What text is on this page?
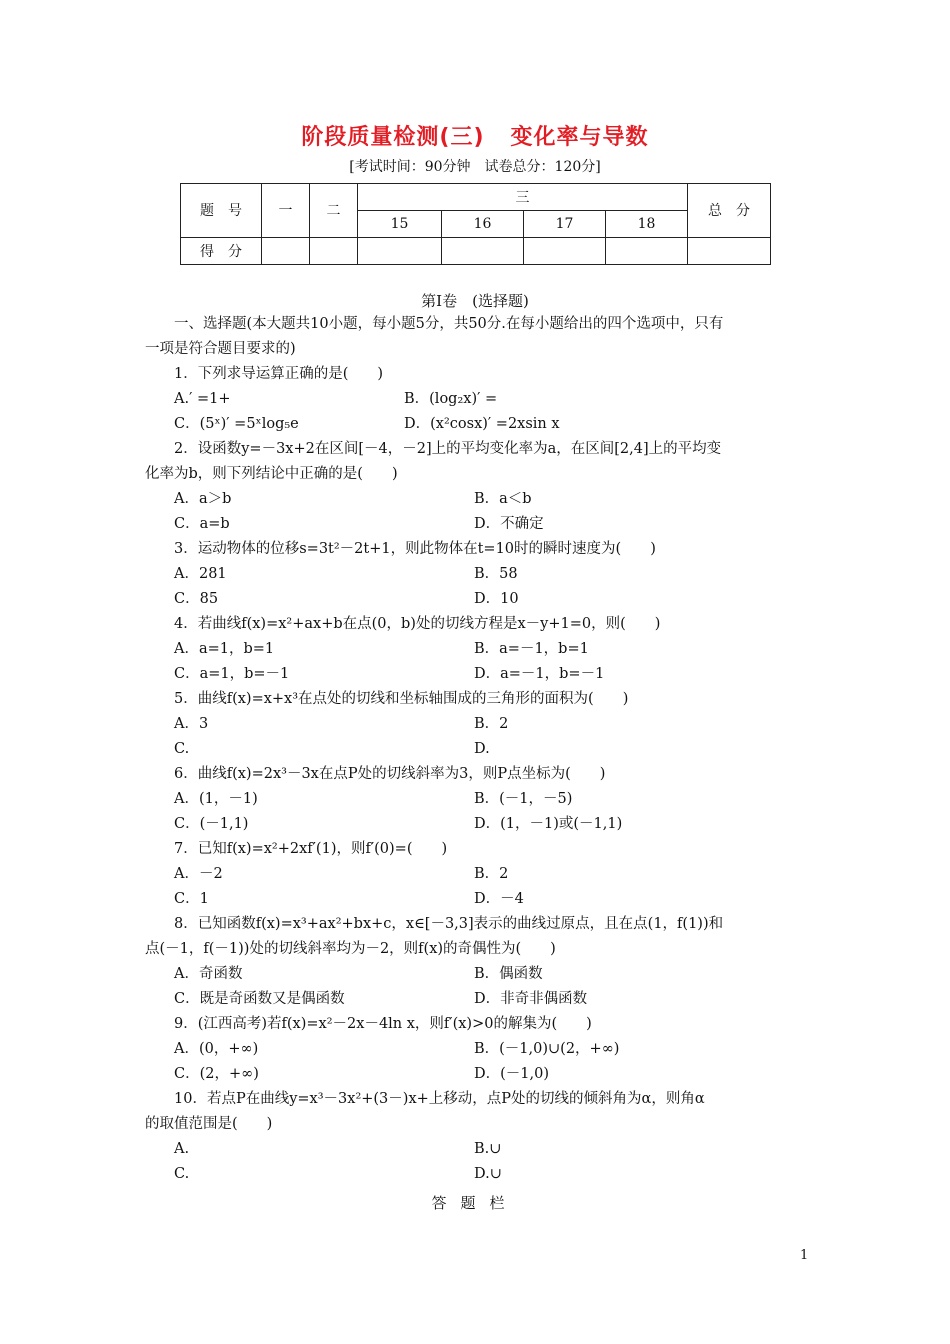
阶段质量检测(三) 变化率与导数
[考试时间：90分钟　试卷总分：120分]
题　号	一	二	三				总　分
			15	16	17	18	
得　分							
第Ⅰ卷　(选择题)

一、选择题(本大题共10小题，每小题5分，共50分.在每小题给出的四个选项中，只有

一项是符合题目要求的)

1．下列求导运算正确的是(　　)

A.′ =1+	B．(log₂x)′ =
C．(5ˣ)′ =5ˣlog₅e	D．(x²cosx)′ =2xsin x

2．设函数y=－3x+2在区间[－4，－2]上的平均变化率为a，在区间[2,4]上的平均变

化率为b，则下列结论中正确的是(　　)

A．a＞b	B．a＜b
C．a=b	D．不确定

3．运动物体的位移s=3t²－2t+1，则此物体在t=10时的瞬时速度为(　　)

A．281	B．58
C．85	D．10

4．若曲线f(x)=x²+ax+b在点(0，b)处的切线方程是x－y+1=0，则(　　)

A．a=1，b=1	B．a=－1，b=1
C．a=1，b=－1	D．a=－1，b=－1

5．曲线f(x)=x+x³在点处的切线和坐标轴围成的三角形的面积为(　　)

A．3	B．2
C.	D.

6．曲线f(x)=2x³－3x在点P处的切线斜率为3，则P点坐标为(　　)

A．(1，－1)	B．(－1，－5)
C．(－1,1)	D．(1，－1)或(－1,1)

7．已知f(x)=x²+2xf′(1)，则f′(0)=(　　)

A．－2	B．2
C．1	D．－4

8．已知函数f(x)=x³+ax²+bx+c，x∈[－3,3]表示的曲线过原点，且在点(1，f(1))和

点(－1，f(－1))处的切线斜率均为－2，则f(x)的奇偶性为(　　)

A．奇函数	B．偶函数
C．既是奇函数又是偶函数	D．非奇非偶函数

9．(江西高考)若f(x)=x²－2x－4ln x，则f′(x)>0的解集为(　　)

A．(0，+∞)	B．(－1,0)∪(2，+∞)
C．(2，+∞)	D．(－1,0)

10．若点P在曲线y=x³－3x²+(3－)x+上移动，点P处的切线的倾斜角为α，则角α

的取值范围是(　　)

A.	B.∪
C.	D.∪
答题栏
1
